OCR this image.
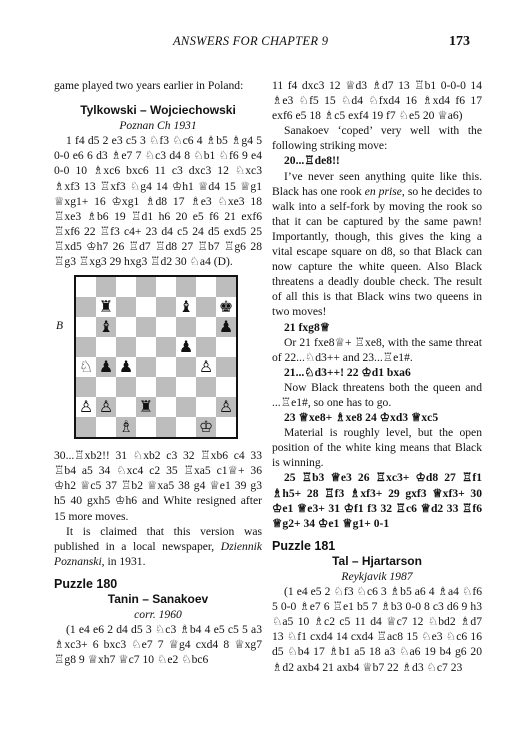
ANSWERS FOR CHAPTER 9	173

game played two years earlier in Poland:

Tylkowski – Wojciechowski

Poznan Ch 1931

1 f4 d5 2 e3 c5 3 ♘f3 ♘c6 4 ♗b5 ♗g4 5 0-0 e6 6 d3 ♗e7 7 ♘c3 d4 8 ♘b1 ♘f6 9 e4 0-0 10 ♗xc6 bxc6 11 c3 dxc3 12 ♘xc3 ♗xf3 13 ♖xf3 ♘g4 14 ♔h1 ♕d4 15 ♕g1 ♕xg1+ 16 ♔xg1 ♗d8 17 ♗e3 ♘xe3 18 ♖xe3 ♗b6 19 ♖d1 h6 20 e5 f6 21 exf6 ♖xf6 22 ♖f3 c4+ 23 d4 c5 24 d5 exd5 25 ♖xd5 ♔h7 26 ♖d7 ♖d8 27 ♖b7 ♖g6 28 ♖g3 ♖xg3 29 hxg3 ♖d2 30 ♘a4 (D).

B
♜	♝ ♚
♝	♟
♟
♘ ♟ ♟	♙
♙ ♙ ♜	♙
♗	♔

30...♖xb2!! 31 ♘xb2 c3 32 ♖xb6 c4 33 ♖b4 a5 34 ♘xc4 c2 35 ♖xa5 c1♕+ 36 ♔h2 ♕c5 37 ♖b2 ♕xa5 38 g4 ♕e1 39 g3 h5 40 gxh5 ♔h6 and White resigned after 15 more moves.

It is claimed that this version was published in a local newspaper, Dziennik Poznanski, in 1931.

Puzzle 180

Tanin – Sanakoev

corr. 1960

(1 e4 e6 2 d4 d5 3 ♘c3 ♗b4 4 e5 c5 5 a3 ♗xc3+ 6 bxc3 ♘e7 7 ♕g4 cxd4 8 ♕xg7 ♖g8 9 ♕xh7 ♕c7 10 ♘e2 ♘bc6

11 f4 dxc3 12 ♕d3 ♗d7 13 ♖b1 0-0-0 14 ♗e3 ♘f5 15 ♘d4 ♘fxd4 16 ♗xd4 f6 17 exf6 e5 18 ♗c5 exf4 19 f7 ♘e5 20 ♕a6)

Sanakoev ‘coped’ very well with the following striking move:

20...♖de8!!

I’ve never seen anything quite like this. Black has one rook en prise, so he decides to walk into a self-fork by moving the rook so that it can be captured by the same pawn! Importantly, though, this gives the king a vital escape square on d8, so that Black can now capture the white queen. Also Black threatens a deadly double check. The result of all this is that Black wins two queens in two moves!

21 fxg8♕

Or 21 fxe8♕+ ♖xe8, with the same threat of 22...♘d3++ and 23...♖e1#.

21...♘d3++! 22 ♔d1 bxa6

Now Black threatens both the queen and ...♖e1#, so one has to go.

23 ♕xe8+ ♗xe8 24 ♔xd3 ♕xc5

Material is roughly level, but the open position of the white king means that Black is winning.

25 ♖b3 ♕e3 26 ♖xc3+ ♔d8 27 ♖f1 ♗h5+ 28 ♖f3 ♗xf3+ 29 gxf3 ♕xf3+ 30 ♔e1 ♕e3+ 31 ♔f1 f3 32 ♖c6 ♕d2 33 ♖f6 ♕g2+ 34 ♔e1 ♕g1+ 0-1

Puzzle 181

Tal – Hjartarson

Reykjavik 1987

(1 e4 e5 2 ♘f3 ♘c6 3 ♗b5 a6 4 ♗a4 ♘f6 5 0-0 ♗e7 6 ♖e1 b5 7 ♗b3 0-0 8 c3 d6 9 h3 ♘a5 10 ♗c2 c5 11 d4 ♕c7 12 ♘bd2 ♗d7 13 ♘f1 cxd4 14 cxd4 ♖ac8 15 ♘e3 ♘c6 16 d5 ♘b4 17 ♗b1 a5 18 a3 ♘a6 19 b4 g6 20 ♗d2 axb4 21 axb4 ♕b7 22 ♗d3 ♘c7 23
